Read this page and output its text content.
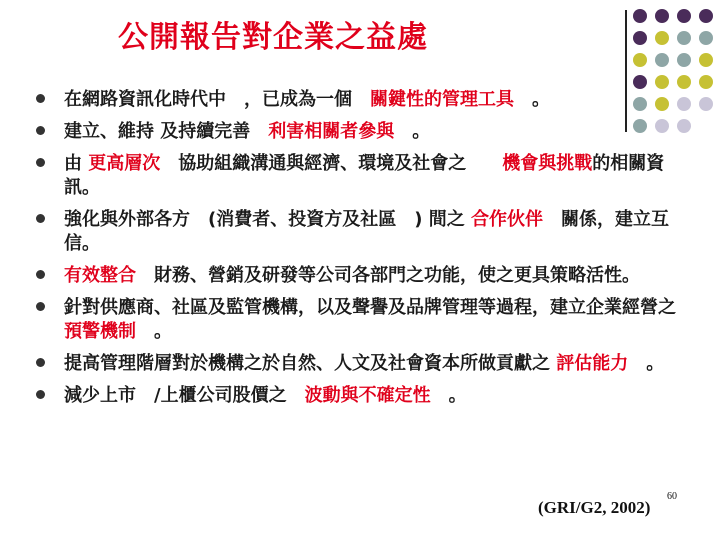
公開報告對企業之益處
在網路資訊化時代中　，已成為一個　關鍵性的管理工具　。
建立、維持 及持續完善　利害相關者參與　。
由 更高層次　協助組織溝通與經濟、環境及社會之　　機會與挑戰的相關資訊。
強化與外部各方　(消費者、投資方及社區　) 間之 合作伙伴　關係，建立互信。
有效整合　財務、營銷及研發等公司各部門之功能，使之更具策略活性。
針對供應商、社區及監管機構，以及聲譽及品牌管理等過程，建立企業經營之　預警機制　。
提高管理階層對於機構之於自然、人文及社會資本所做貢獻之 評估能力　。
減少上市　/上櫃公司股價之　波動與不確定性　。
(GRI/G2, 2002)
60
